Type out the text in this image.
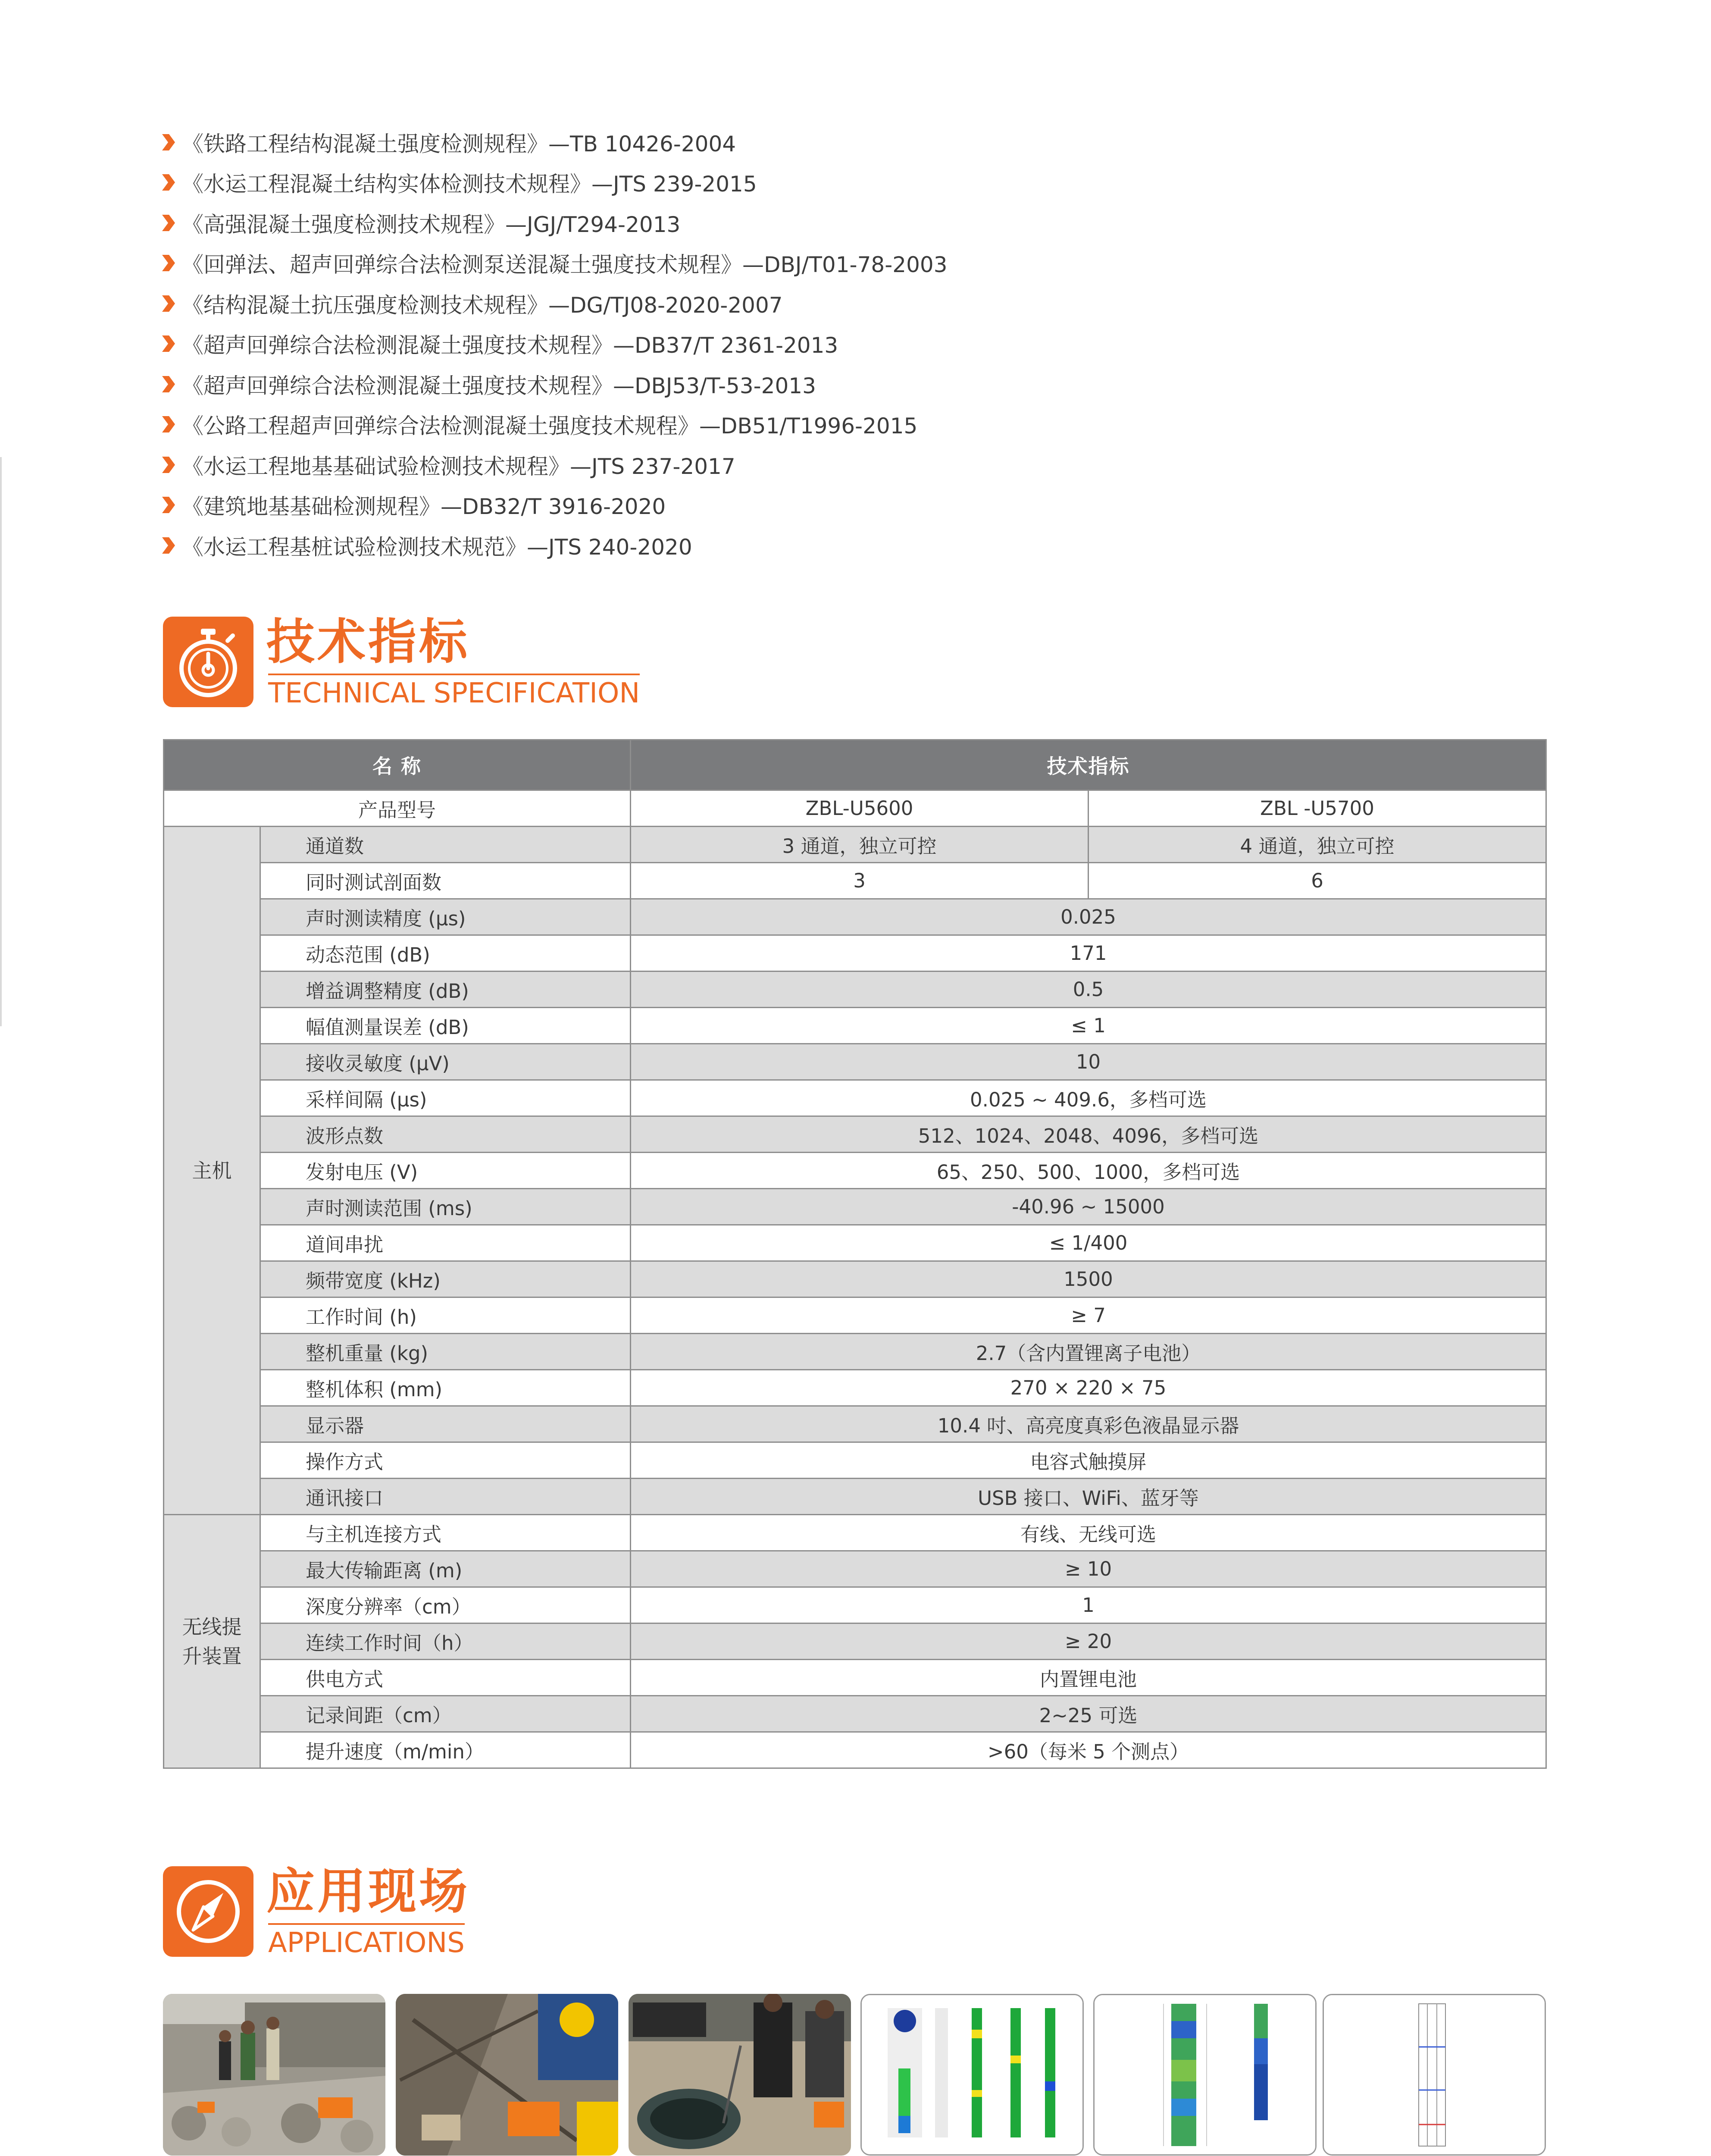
《铁路工程结构混凝土强度检测规程》—TB 10426-2004
《水运工程混凝土结构实体检测技术规程》—JTS 239-2015
《高强混凝土强度检测技术规程》—JGJ/T294-2013
《回弹法、超声回弹综合法检测泵送混凝土强度技术规程》—DBJ/T01-78-2003
《结构混凝土抗压强度检测技术规程》—DG/TJ08-2020-2007
《超声回弹综合法检测混凝土强度技术规程》—DB37/T 2361-2013
《超声回弹综合法检测混凝土强度技术规程》—DBJ53/T-53-2013
《公路工程超声回弹综合法检测混凝土强度技术规程》—DB51/T1996-2015
《水运工程地基基础试验检测技术规程》—JTS 237-2017
《建筑地基基础检测规程》—DB32/T 3916-2020
《水运工程基桩试验检测技术规范》—JTS 240-2020
技术指标
TECHNICAL SPECIFICATION
名 称		技术指标	
产品型号		ZBL-U5600	ZBL -U5700
主机	通道数	3 通道，独立可控	4 通道，独立可控
	同时测试剖面数	3	6
	声时测读精度 (μs)	0.025	
	动态范围 (dB)	171	
	增益调整精度 (dB)	0.5	
	幅值测量误差 (dB)	≤ 1	
	接收灵敏度 (μV)	10	
	采样间隔 (μs)	0.025 ~ 409.6，多档可选	
	波形点数	512、1024、2048、4096，多档可选	
	发射电压 (V)	65、250、500、1000，多档可选	
	声时测读范围 (ms)	-40.96 ~ 15000	
	道间串扰	≤ 1/400	
	频带宽度 (kHz)	1500	
	工作时间 (h)	≥ 7	
	整机重量 (kg)	2.7（含内置锂离子电池）	
	整机体积 (mm)	270 × 220 × 75	
	显示器	10.4 吋、高亮度真彩色液晶显示器	
	操作方式	电容式触摸屏	
	通讯接口	USB 接口、WiFi、蓝牙等	
无线提升装置	与主机连接方式	有线、无线可选	
	最大传输距离 (m)	≥ 10	
	深度分辨率（cm）	1	
	连续工作时间（h）	≥ 20	
	供电方式	内置锂电池	
	记录间距（cm）	2~25 可选	
	提升速度（m/min）	>60（每米 5 个测点）	
应用现场
APPLICATIONS
